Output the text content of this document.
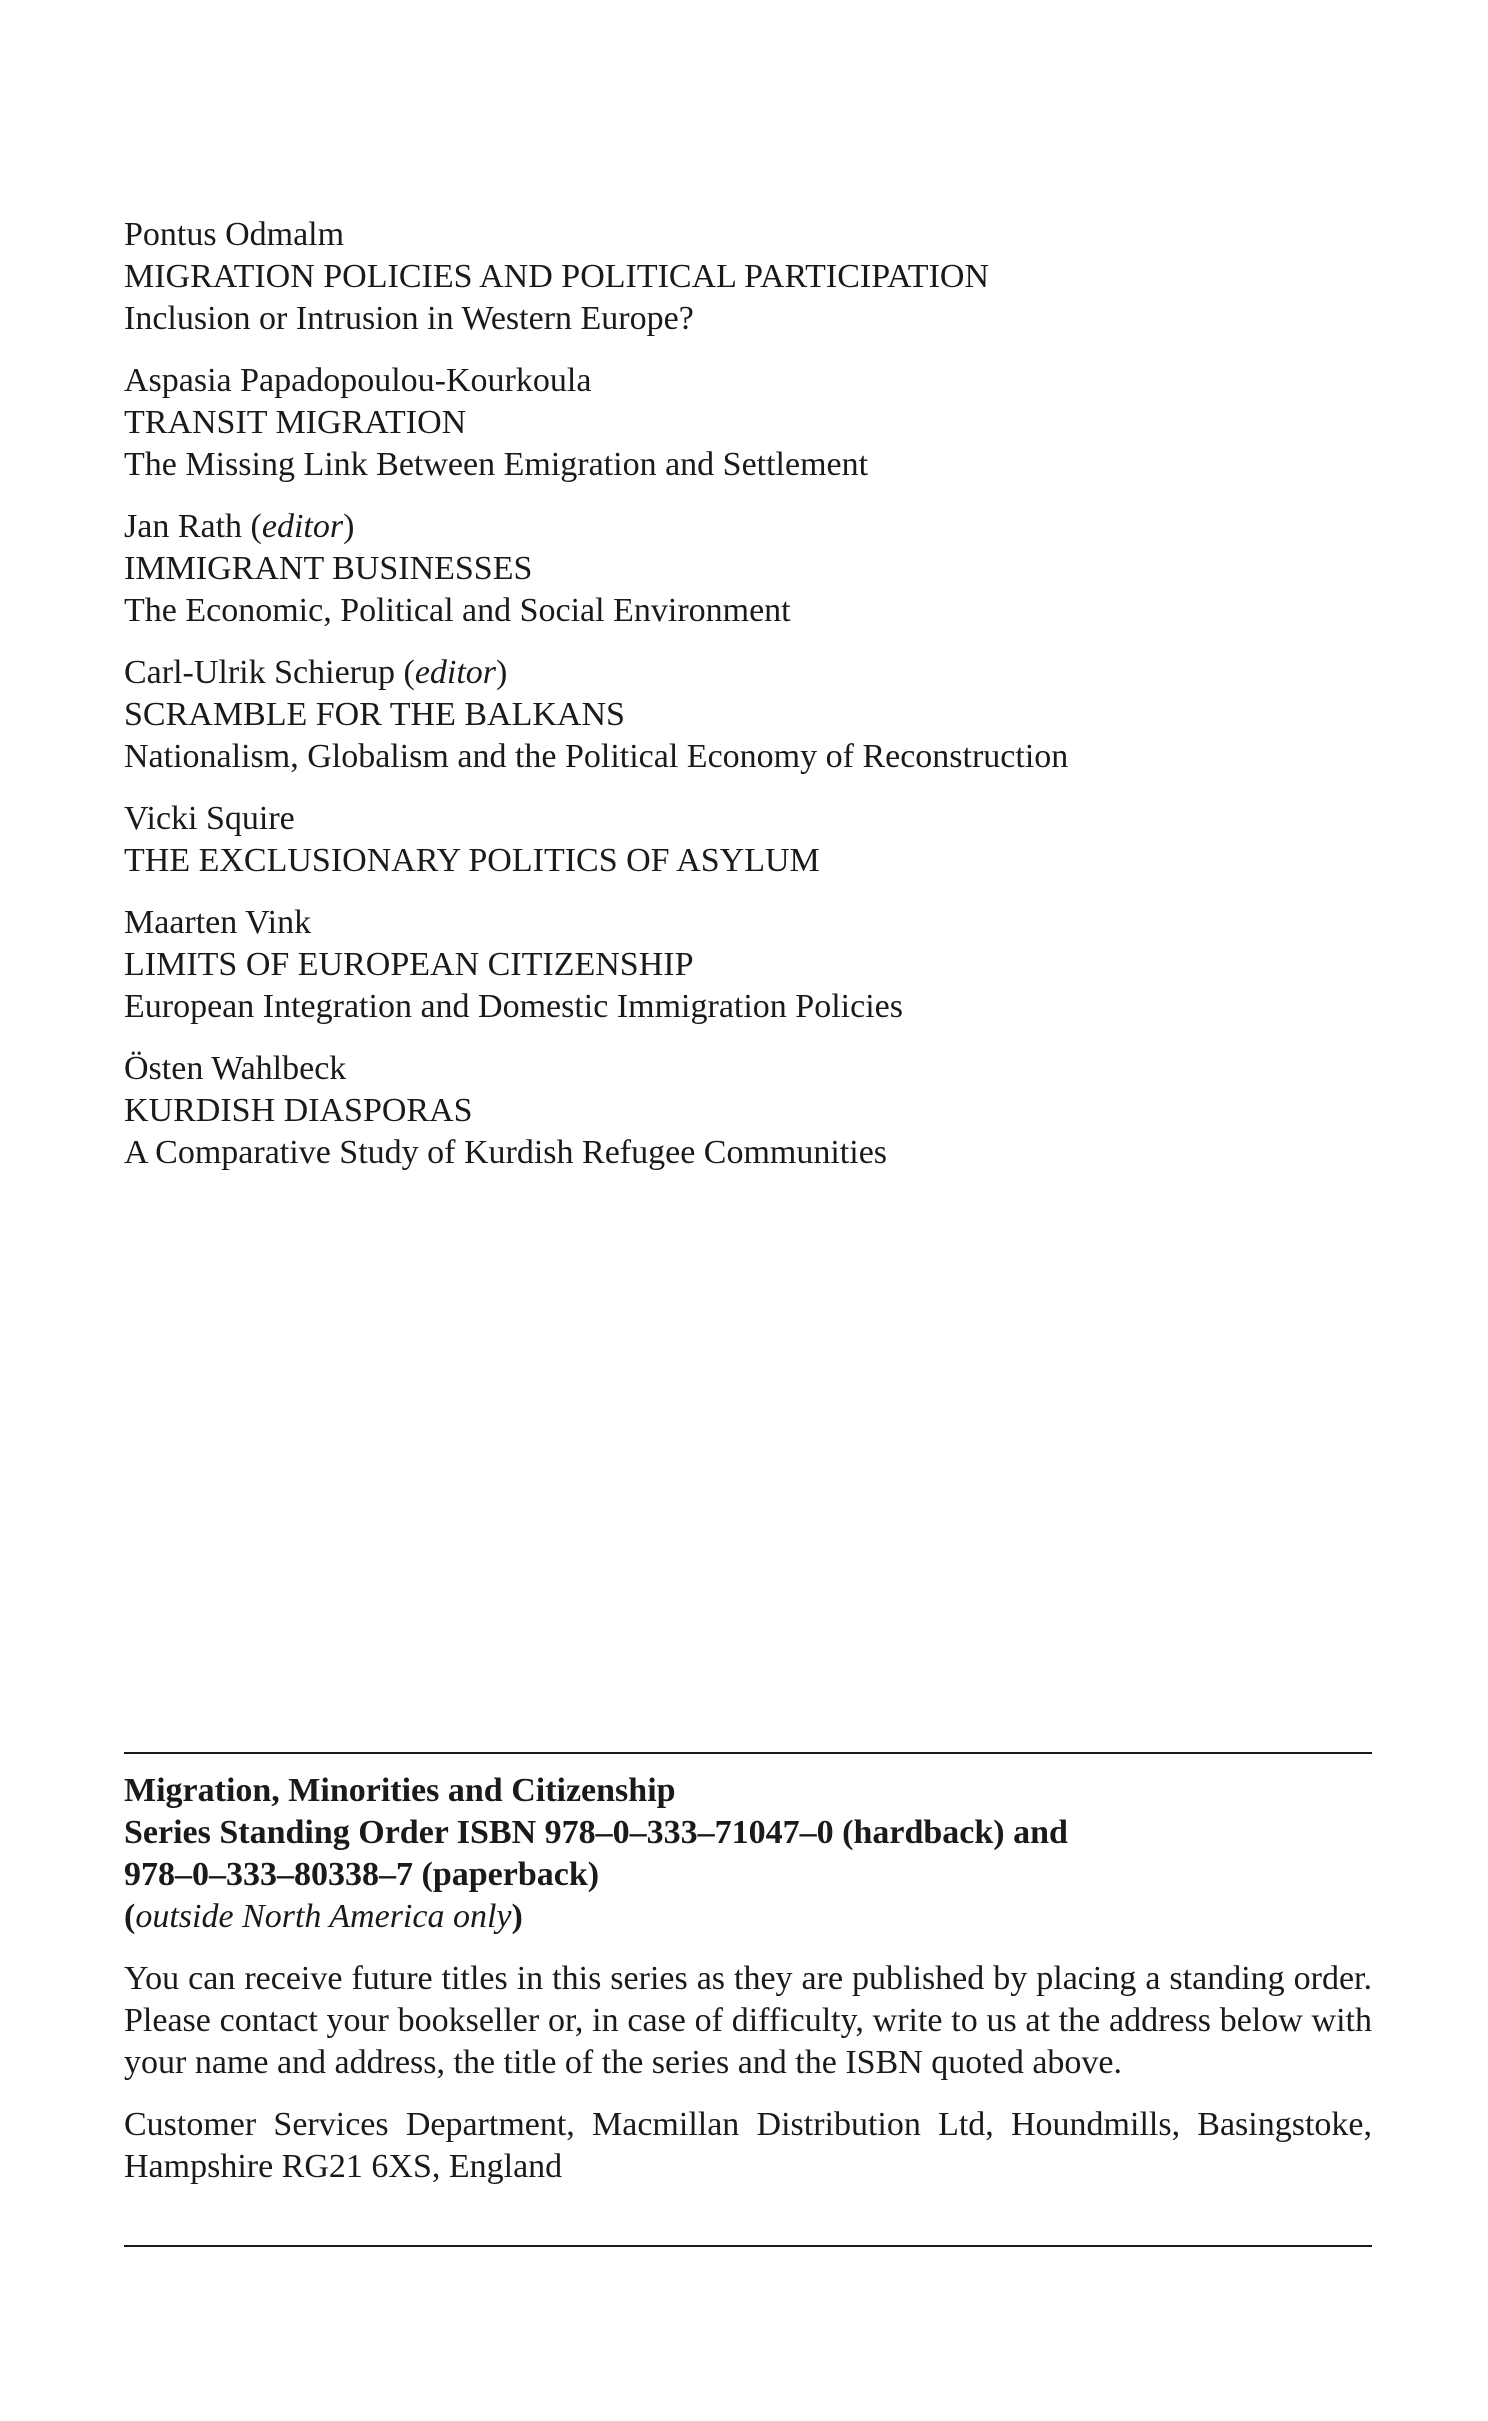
Pontus Odmalm
MIGRATION POLICIES AND POLITICAL PARTICIPATION
Inclusion or Intrusion in Western Europe?
Aspasia Papadopoulou-Kourkoula
TRANSIT MIGRATION
The Missing Link Between Emigration and Settlement
Jan Rath (editor)
IMMIGRANT BUSINESSES
The Economic, Political and Social Environment
Carl-Ulrik Schierup (editor)
SCRAMBLE FOR THE BALKANS
Nationalism, Globalism and the Political Economy of Reconstruction
Vicki Squire
THE EXCLUSIONARY POLITICS OF ASYLUM
Maarten Vink
LIMITS OF EUROPEAN CITIZENSHIP
European Integration and Domestic Immigration Policies
Östen Wahlbeck
KURDISH DIASPORAS
A Comparative Study of Kurdish Refugee Communities

Migration, Minorities and Citizenship
Series Standing Order ISBN 978–0–333–71047–0 (hardback) and
978–0–333–80338–7 (paperback)

(outside North America only)

You can receive future titles in this series as they are published by placing a standing order. Please contact your bookseller or, in case of difficulty, write to us at the address below with your name and address, the title of the series and the ISBN quoted above.

Customer Services Department, Macmillan Distribution Ltd, Houndmills, Basingstoke, Hampshire RG21 6XS, England
